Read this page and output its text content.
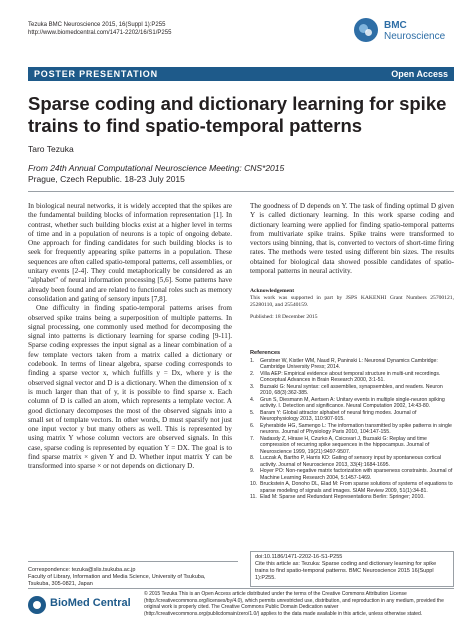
Tezuka BMC Neuroscience 2015, 16(Suppl 1):P255
http://www.biomedcentral.com/1471-2202/16/S1/P255
BMC
Neuroscience
POSTER PRESENTATION	Open Access
Sparse coding and dictionary learning for spike trains to find spatio-temporal patterns
Taro Tezuka
From 24th Annual Computational Neuroscience Meeting: CNS*2015
Prague, Czech Republic. 18-23 July 2015

In biological neural networks, it is widely accepted that the spikes are the fundamental building blocks of information representation [1]. In contrast, whether such building blocks exist at a higher level in terms of time and in a population of neurons is a topic of ongoing debate. One approach for finding candidates for such building blocks is to seek for frequently appearing spike patterns in a population. These sequences are often called spatio-temporal patterns, cell assemblies, or unitary events [2-4]. They could metaphorically be considered as an "alphabet" of neural information processing [5,6]. Some patterns have already been found and are related to functional roles such as memory consolidation and gating of sensory inputs [7,8].

One difficulty in finding spatio-temporal patterns arises from observed spike trains being a superposition of multiple patterns. In signal processing, one commonly used method for decomposing the signal into patterns is dictionary learning for sparse coding [9-11]. Sparse coding expresses the input signal as a linear combination of a few template vectors taken from a matrix called a dictionary or codebook. In terms of linear algebra, sparse coding corresponds to finding a sparse vector x, which fulfills y = Dx, where y is the observed signal vector and D is a dictionary. When the dimension of x is much larger than that of y, it is possible to find sparse x. Each column of D is called an atom, which represents a template vector. A good dictionary decomposes the most of the observed signals into a small set of template vectors. In other words, D must sparsify not just one input vector y but many others as well. This is represented by using matrix Y whose column vectors are observed signals. In this case, sparse coding is represented by equation Y = DX. The goal is to find sparse matrix × given Y and D. Whether input matrix Y can be transformed into sparse × or not depends on dictionary D.

The goodness of D depends on Y. The task of finding optimal D given Y is called dictionary learning. In this work sparse coding and dictionary learning were applied for finding spatio-temporal patterns from multivariate spike trains. Spike trains were transformed to vectors using binning, that is, converted to vectors of short-time firing rates. The methods were tested using different bin sizes. The results obtained for biological data showed possible candidates of spatio-temporal patterns in neural activity.

Acknowledgement
This work was supported in part by JSPS KAKENHI Grant Numbers 25700121, 25280110, and 25540159.
Published: 18 December 2015
References
1.	Gerstner W, Kistler WM, Naud R, Paninski L: Neuronal Dynamics Cambridge: Cambridge University Press; 2014.
2.	Villa AEP: Empirical evidence about temporal structure in multi-unit recordings. Conceptual Advances in Brain Research 2000, 3:1-51.
3.	Buzsaki G: Neural syntax: cell assemblies, synapsembles, and readers. Neuron 2010, 68(3):362-385.
4.	Grun S, Diesmann M, Aertsen A: Unitary events in multiple single-neuron spiking activity. I. Detection and significance. Neural Computation 2002, 14:43-80.
5.	Baram Y: Global attractor alphabet of neural firing modes. Journal of Neurophysiology 2013, 110:907-915.
6.	Eyherabide HG, Samengo L: The information transmitted by spike patterns in single neurons. Journal of Physiology Paris 2010, 104:147-155.
7.	Nadasdy Z, Hirase H, Czurko A, Csicsvari J, Buzsaki G: Replay and time compression of recurring spike sequences in the hippocampus. Journal of Neuroscience 1999, 19(21):9497-9507.
8.	Luczak A, Bartho P, Harris KD: Gating of sensory input by spontaneous cortical activity. Journal of Neuroscience 2013, 33(4):1684-1695.
9.	Hoyer PO: Non-negative matrix factorization with sparseness constraints. Journal of Machine Learning Research 2004, 5:1457-1469.
10. Bruckstein A, Donoho DL, Elad M: From sparse solutions of systems of equations to sparse modeling of signals and images. SIAM Review 2009, 51(1):34-81.
11. Elad M: Sparse and Redundant Representations Berlin: Springer; 2010.
doi:10.1186/1471-2202-16-S1-P255
Cite this article as: Tezuka: Sparse coding and dictionary learning for spike trains to find spatio-temporal patterns. BMC Neuroscience 2015 16(Suppl 1):P255.
Correspondence: tezuka@slis.tsukuba.ac.jp
Faculty of Library, Information and Media Science, University of Tsukuba,
Tsukuba, 305-0821, Japan
BioMed Central
© 2015 Tezuka This is an Open Access article distributed under the terms of the Creative Commons Attribution License (http://creativecommons.org/licenses/by/4.0), which permits unrestricted use, distribution, and reproduction in any medium, provided the original work is properly cited. The Creative Commons Public Domain Dedication waiver (http://creativecommons.org/publicdomain/zero/1.0/) applies to the data made available in this article, unless otherwise stated.
